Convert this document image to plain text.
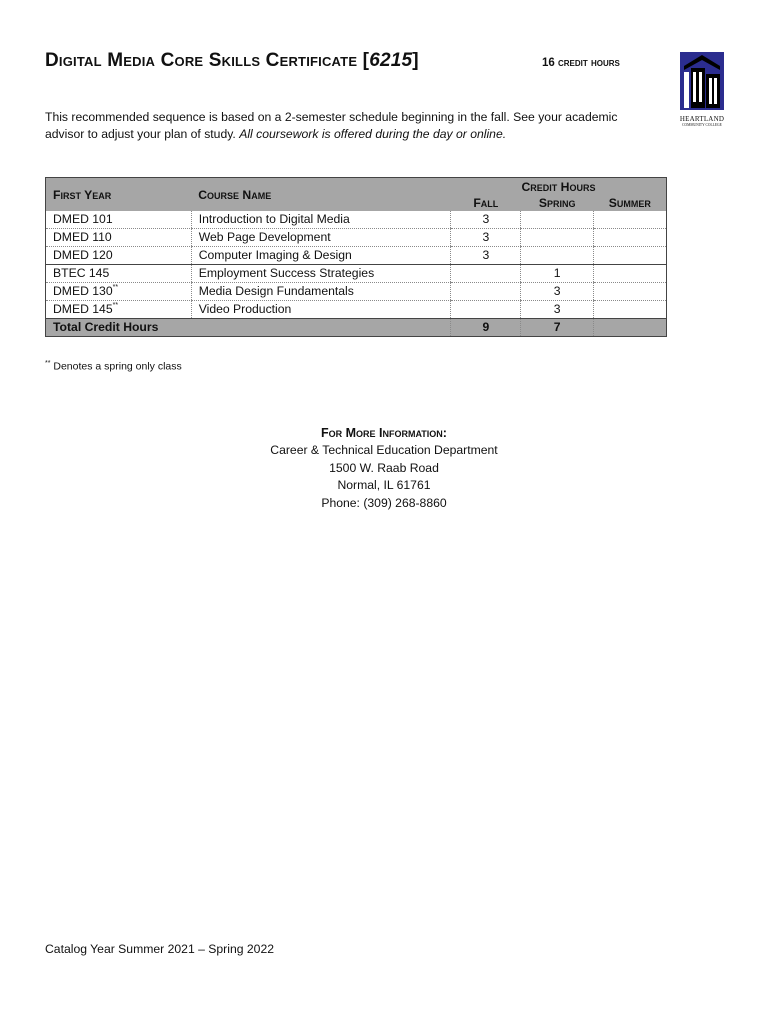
Digital Media Core Skills Certificate [6215]	16 credit hours
HEARTLAND
COMMUNITY COLLEGE
This recommended sequence is based on a 2-semester schedule beginning in the fall. See your academic advisor to adjust your plan of study. All coursework is offered during the day or online.
First Year	Course Name	Credit Hours		
		Fall	Spring	Summer
DMED 101	Introduction to Digital Media	3		
DMED 110	Web Page Development	3		
DMED 120	Computer Imaging & Design	3		
BTEC 145	Employment Success Strategies		1	
DMED 130**	Media Design Fundamentals		3	
DMED 145**	Video Production		3	
Total Credit Hours		9	7	
** Denotes a spring only class
For More Information:
Career & Technical Education Department
1500 W. Raab Road
Normal, IL 61761
Phone: (309) 268-8860
Catalog Year Summer 2021 – Spring 2022
